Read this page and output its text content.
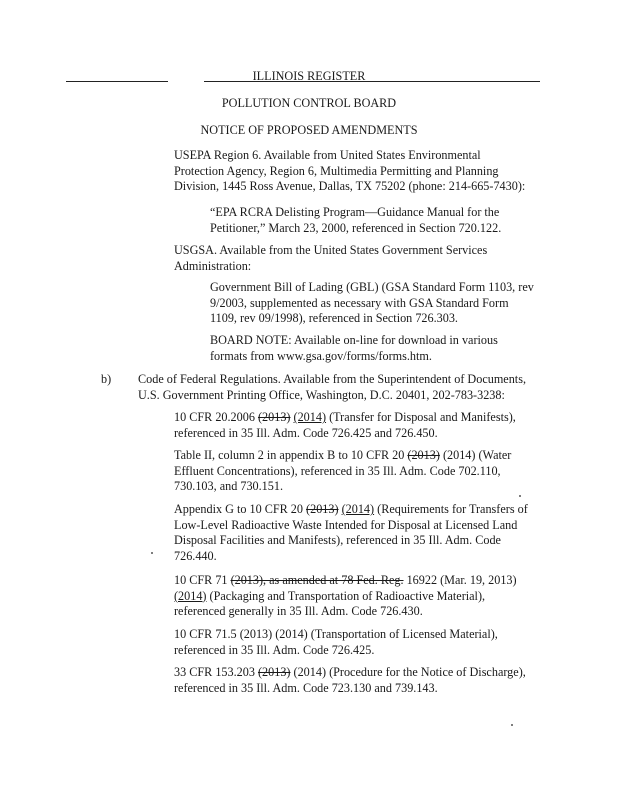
ILLINOIS REGISTER
POLLUTION CONTROL BOARD
NOTICE OF PROPOSED AMENDMENTS
USEPA Region 6. Available from United States Environmental
Protection Agency, Region 6, Multimedia Permitting and Planning
Division, 1445 Ross Avenue, Dallas, TX 75202 (phone: 214-665-7430):
“EPA RCRA Delisting Program—Guidance Manual for the
Petitioner,” March 23, 2000, referenced in Section 720.122.
USGSA. Available from the United States Government Services
Administration:
Government Bill of Lading (GBL) (GSA Standard Form 1103, rev
9/2003, supplemented as necessary with GSA Standard Form
1109, rev 09/1998), referenced in Section 726.303.
BOARD NOTE: Available on-line for download in various
formats from www.gsa.gov/forms/forms.htm.
b) Code of Federal Regulations. Available from the Superintendent of Documents,
U.S. Government Printing Office, Washington, D.C. 20401, 202-783-3238:
10 CFR 20.2006 (2013) (2014) (Transfer for Disposal and Manifests),
referenced in 35 Ill. Adm. Code 726.425 and 726.450.
Table II, column 2 in appendix B to 10 CFR 20 (2013) (2014) (Water
Effluent Concentrations), referenced in 35 Ill. Adm. Code 702.110,
730.103, and 730.151.
Appendix G to 10 CFR 20 (2013) (2014) (Requirements for Transfers of
Low-Level Radioactive Waste Intended for Disposal at Licensed Land
Disposal Facilities and Manifests), referenced in 35 Ill. Adm. Code
726.440.
10 CFR 71 (2013), as amended at 78 Fed. Reg. 16922 (Mar. 19, 2013)
(2014) (Packaging and Transportation of Radioactive Material),
referenced generally in 35 Ill. Adm. Code 726.430.
10 CFR 71.5 (2013) (2014) (Transportation of Licensed Material),
referenced in 35 Ill. Adm. Code 726.425.
33 CFR 153.203 (2013) (2014) (Procedure for the Notice of Discharge),
referenced in 35 Ill. Adm. Code 723.130 and 739.143.
